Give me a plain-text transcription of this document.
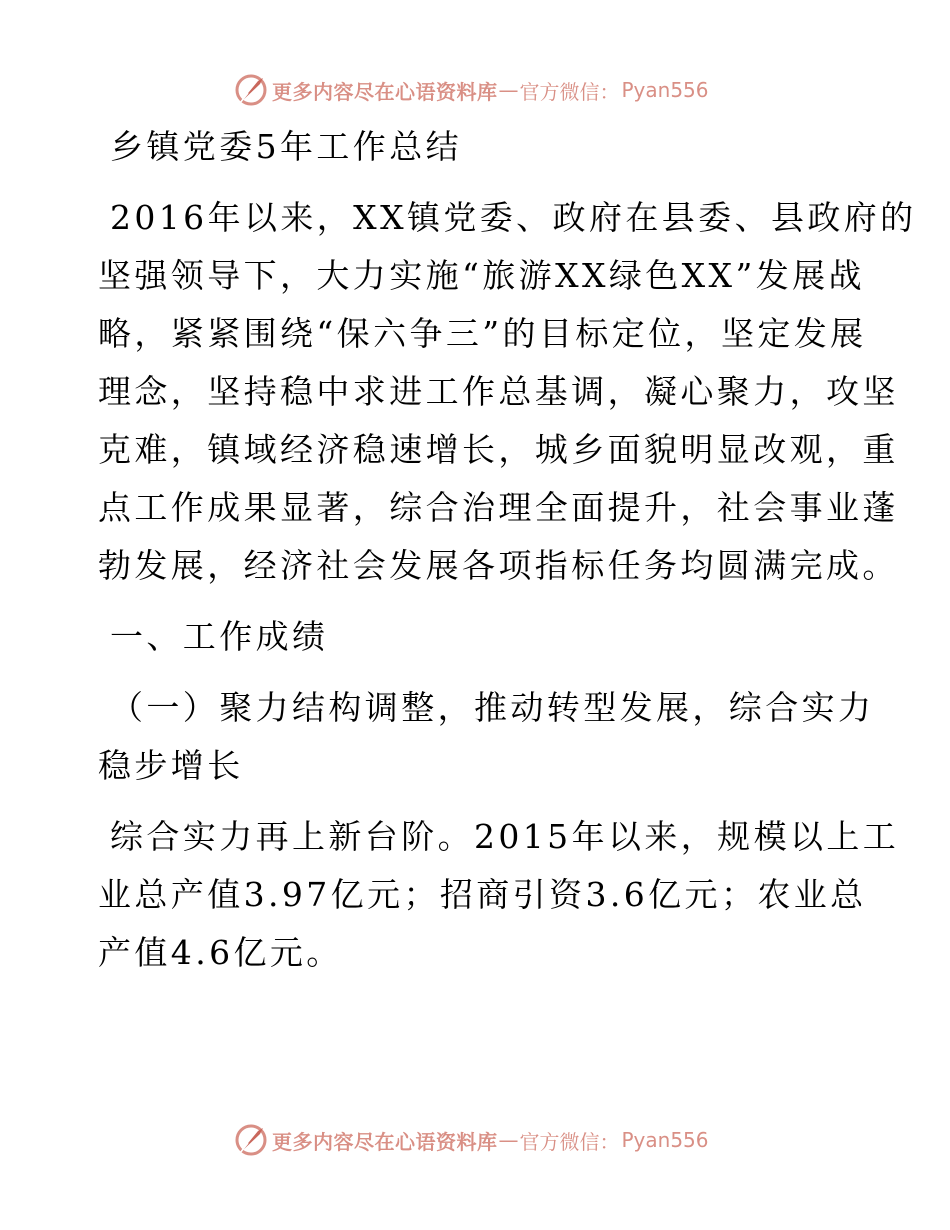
更多内容尽在心语资料库 — 官方微信： Pyan556
乡镇党委5年工作总结
2016年以来，XX镇党委、政府在县委、县政府的
坚强领导下，大力实施“旅游XX绿色XX”发展战
略，紧紧围绕“保六争三”的目标定位，坚定发展
理念，坚持稳中求进工作总基调，凝心聚力，攻坚
克难，镇域经济稳速增长，城乡面貌明显改观，重
点工作成果显著，综合治理全面提升，社会事业蓬
勃发展，经济社会发展各项指标任务均圆满完成。
一、工作成绩
（一）聚力结构调整，推动转型发展，综合实力
稳步增长
综合实力再上新台阶。2015年以来，规模以上工
业总产值3.97亿元；招商引资3.6亿元；农业总
产值4.6亿元。
更多内容尽在心语资料库 — 官方微信： Pyan556
